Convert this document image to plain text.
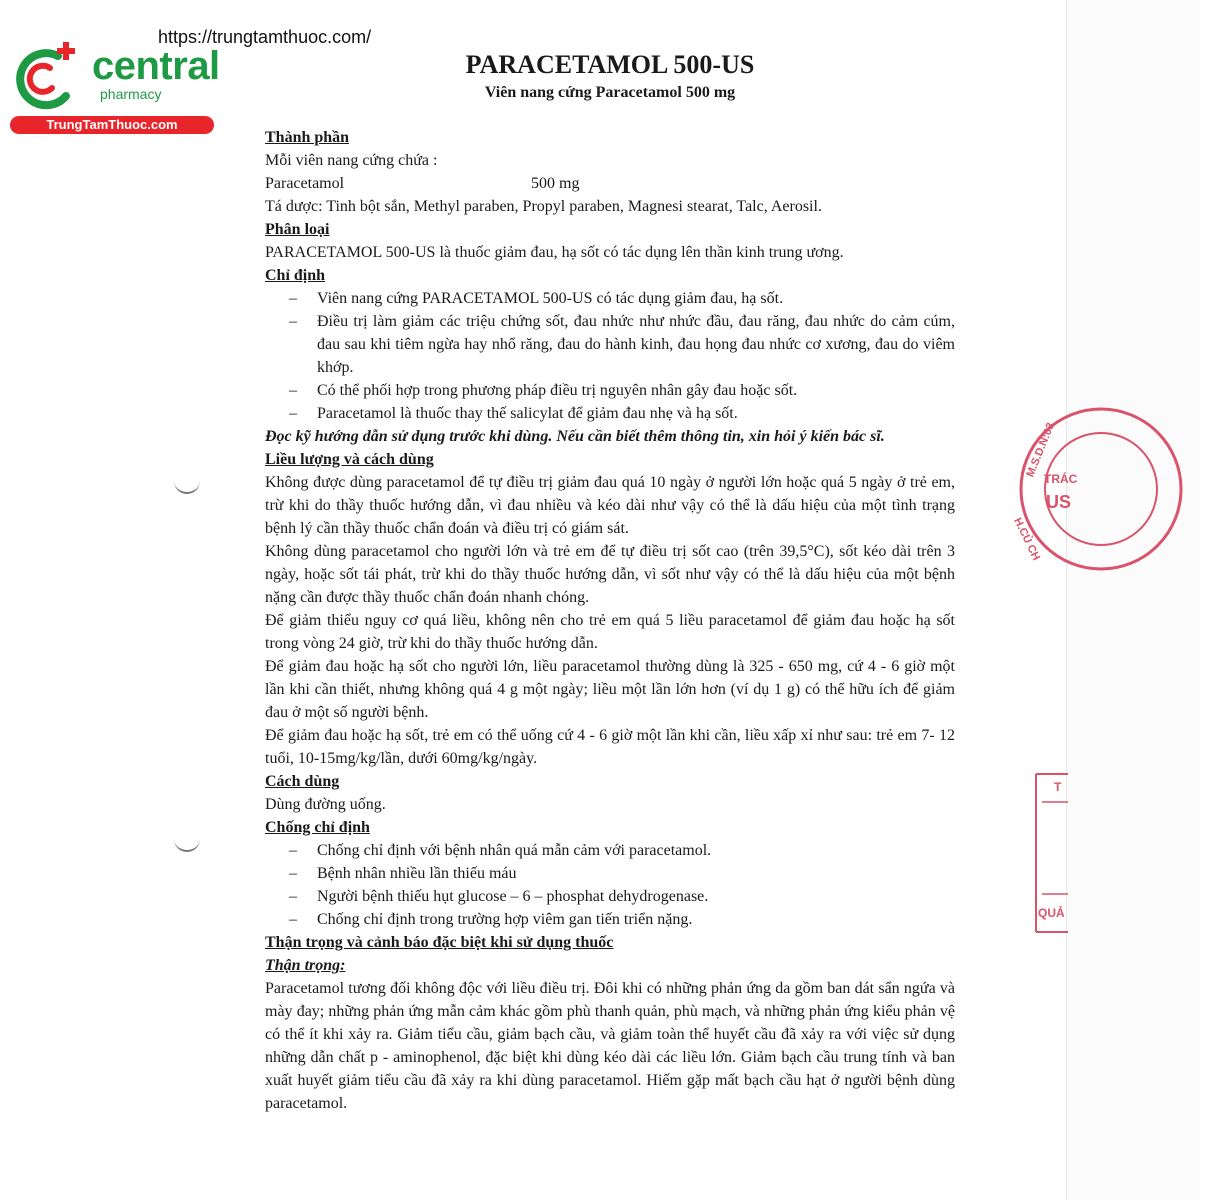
central
pharmacy
TrungTamThuoc.com
https://trungtamthuoc.com/
PARACETAMOL 500-US
Viên nang cứng Paracetamol 500 mg
M.S.D.N:03
TRÁC
US
H.CỦ CH
T
QUẢ

Thành phần

Mỗi viên nang cứng chứa :

Paracetamol	500 mg

Tá dược: Tinh bột sắn, Methyl paraben, Propyl paraben, Magnesi stearat, Talc, Aerosil.

Phân loại

PARACETAMOL 500-US là thuốc giảm đau, hạ sốt có tác dụng lên thần kinh trung ương.

Chỉ định

– Viên nang cứng PARACETAMOL 500-US có tác dụng giảm đau, hạ sốt.
– Điều trị làm giảm các triệu chứng sốt, đau nhức như nhức đầu, đau răng, đau nhức do cảm cúm, đau sau khi tiêm ngừa hay nhổ răng, đau do hành kinh, đau họng đau nhức cơ xương, đau do viêm khớp.
– Có thể phối hợp trong phương pháp điều trị nguyên nhân gây đau hoặc sốt.
– Paracetamol là thuốc thay thế salicylat để giảm đau nhẹ và hạ sốt.

Đọc kỹ hướng dẫn sử dụng trước khi dùng. Nếu cần biết thêm thông tin, xin hỏi ý kiến bác sĩ.

Liều lượng và cách dùng

Không được dùng paracetamol để tự điều trị giảm đau quá 10 ngày ở người lớn hoặc quá 5 ngày ở trẻ em, trừ khi do thầy thuốc hướng dẫn, vì đau nhiều và kéo dài như vậy có thể là dấu hiệu của một tình trạng bệnh lý cần thầy thuốc chẩn đoán và điều trị có giám sát.

Không dùng paracetamol cho người lớn và trẻ em để tự điều trị sốt cao (trên 39,5°C), sốt kéo dài trên 3 ngày, hoặc sốt tái phát, trừ khi do thầy thuốc hướng dẫn, vì sốt như vậy có thể là dấu hiệu của một bệnh nặng cần được thầy thuốc chẩn đoán nhanh chóng.

Để giảm thiểu nguy cơ quá liều, không nên cho trẻ em quá 5 liều paracetamol để giảm đau hoặc hạ sốt trong vòng 24 giờ, trừ khi do thầy thuốc hướng dẫn.

Để giảm đau hoặc hạ sốt cho người lớn, liều paracetamol thường dùng là 325 - 650 mg, cứ 4 - 6 giờ một lần khi cần thiết, nhưng không quá 4 g một ngày; liều một lần lớn hơn (ví dụ 1 g) có thể hữu ích để giảm đau ở một số người bệnh.

Để giảm đau hoặc hạ sốt, trẻ em có thể uống cứ 4 - 6 giờ một lần khi cần, liều xấp xỉ như sau: trẻ em 7- 12 tuổi, 10-15mg/kg/lần, dưới 60mg/kg/ngày.

Cách dùng

Dùng đường uống.

Chống chỉ định

– Chống chỉ định với bệnh nhân quá mẫn cảm với paracetamol.
– Bệnh nhân nhiều lần thiếu máu
– Người bệnh thiếu hụt glucose – 6 – phosphat dehydrogenase.
– Chống chỉ định trong trường hợp viêm gan tiến triển nặng.

Thận trọng và cảnh báo đặc biệt khi sử dụng thuốc

Thận trọng:

Paracetamol tương đối không độc với liều điều trị. Đôi khi có những phản ứng da gồm ban dát sẩn ngứa và mày đay; những phản ứng mẫn cảm khác gồm phù thanh quản, phù mạch, và những phản ứng kiểu phản vệ có thể ít khi xảy ra. Giảm tiểu cầu, giảm bạch cầu, và giảm toàn thể huyết cầu đã xảy ra với việc sử dụng những dẫn chất p - aminophenol, đặc biệt khi dùng kéo dài các liều lớn. Giảm bạch cầu trung tính và ban xuất huyết giảm tiểu cầu đã xảy ra khi dùng paracetamol. Hiếm gặp mất bạch cầu hạt ở người bệnh dùng paracetamol.
